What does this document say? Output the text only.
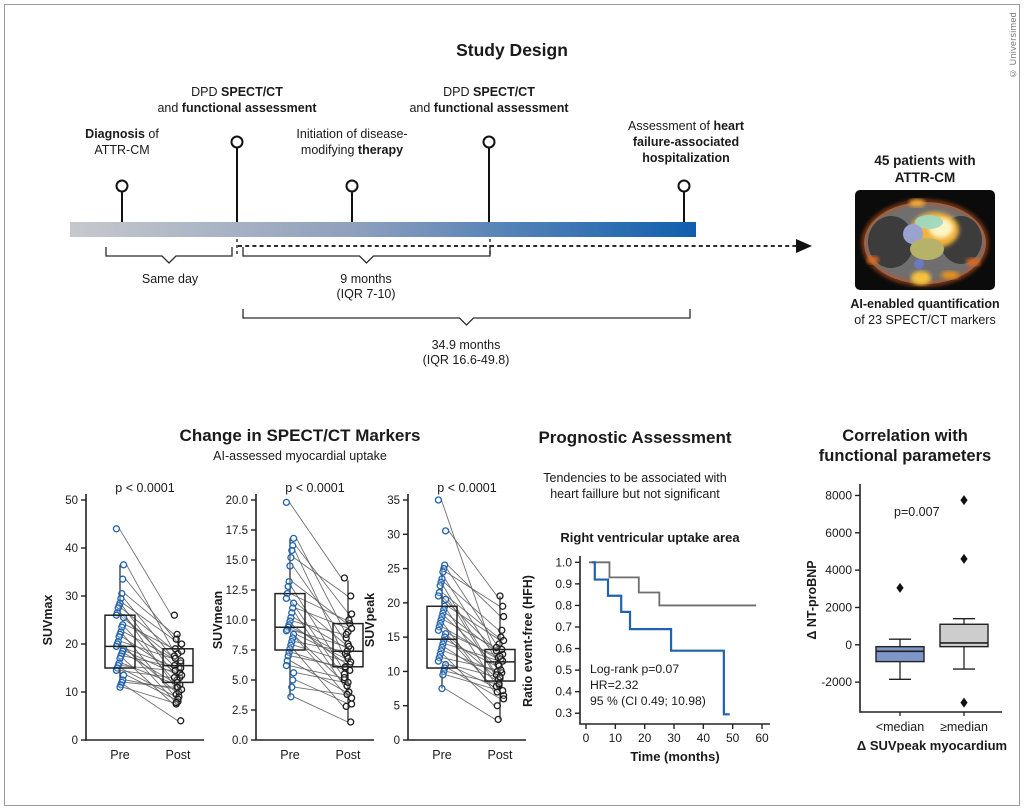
© Universimed
Study Design
Diagnosis of
ATTR-CM
DPD SPECT/CT
and functional assessment
Initiation of disease-
modifying therapy
DPD SPECT/CT
and functional assessment
Assessment of heart
failure-associated
hospitalization
Same day	9 months
(IQR 7-10)
34.9 months
(IQR 16.6-49.8)
45 patients with
ATTR-CM
AI-enabled quantification
of 23 SPECT/CT markers
Change in SPECT/CT Markers
AI-assessed myocardial uptake
p < 0.0001
0
10
20
30
40
50
SUVmax
Pre	Post
p < 0.0001
0.0
2.5
5.0
7.5
10.0
12.5
15.0
17.5
20.0
SUVmean
Pre	Post
p < 0.0001
0
5
10
15
20
25
30
35
SUVpeak
Pre	Post
Prognostic Assessment
Tendencies to be associated with
heart faillure but not significant
Right ventricular uptake area
1.0
0.9
0.8
0.7
0.6
0.5
0.4
0.3
0 10 20 30 40 50 60
Ratio event-free (HFH)
Time (months)
Log-rank p=0.07
HR=2.32
95 % (CI 0.49; 10.98)
Correlation with
functional parameters
-2000
0
2000
4000
6000
8000
Δ NT-proBNP
p=0.007
<median ≥median
Δ SUVpeak myocardium
